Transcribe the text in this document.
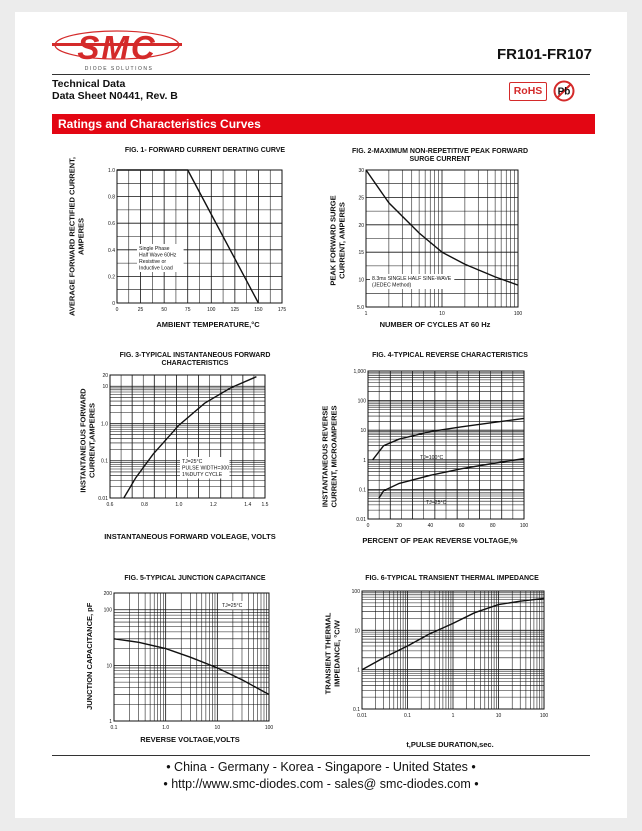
SMC
DIODE SOLUTIONS
FR101-FR107
Technical Data
Data Sheet N0441, Rev. B	RoHS	Pb
Ratings and Characteristics Curves
FIG. 1- FORWARD CURRENT DERATING CURVE
AVERAGE FORWARD RECTIFIED CURRENT, AMPERES
0	25	50	75	100	125	150	175
0
0.2
0.4
0.6
0.8
1.0
Single Phase
Half Wave 60Hz
Resistive or
Inductive Load
AMBIENT TEMPERATURE,°C
FIG. 2-MAXIMUM NON-REPETITIVE PEAK FORWARD SURGE CURRENT
PEAK FORWARD SURGE CURRENT, AMPERES
1	10	100
5.0
10
15
20
25
30
8.3ms SINGLE HALF SINE-WAVE
(JEDEC Method)
NUMBER OF CYCLES AT 60 Hz
FIG. 3-TYPICAL INSTANTANEOUS FORWARD CHARACTERISTICS
INSTANTANEOUS FORWARD CURRENT,AMPERES
0.6	0.8	1.0	1.2	1.4 1.5
0.01
0.1
1.0
10
20
TJ=25°C
PULSE WIDTH=300
1%DUTY CYCLE
INSTANTANEOUS FORWARD VOLEAGE, VOLTS
FIG. 4-TYPICAL REVERSE CHARACTERISTICS
INSTANTANEOUS REVERSE CURRENT, MICROAMPERES
0	20	40	60	80	100
0.01
0.1
1
10
100
1,000
TJ=100°C
TJ=25°C
PERCENT OF PEAK REVERSE VOLTAGE,%
FIG. 5-TYPICAL JUNCTION CAPACITANCE
JUNCTION CAPACITANCE, pF
0.1	1.0	10	100
1
10
100
200
TJ=25°C
REVERSE VOLTAGE,VOLTS
FIG. 6-TYPICAL TRANSIENT THERMAL IMPEDANCE
TRANSIENT THERMAL IMPEDANCE, °C/W
0.01	0.1	1	10	100
0.1
1
10
100
t,PULSE DURATION,sec.
• China - Germany - Korea - Singapore - United States •
• http://www.smc-diodes.com - sales@ smc-diodes.com •
